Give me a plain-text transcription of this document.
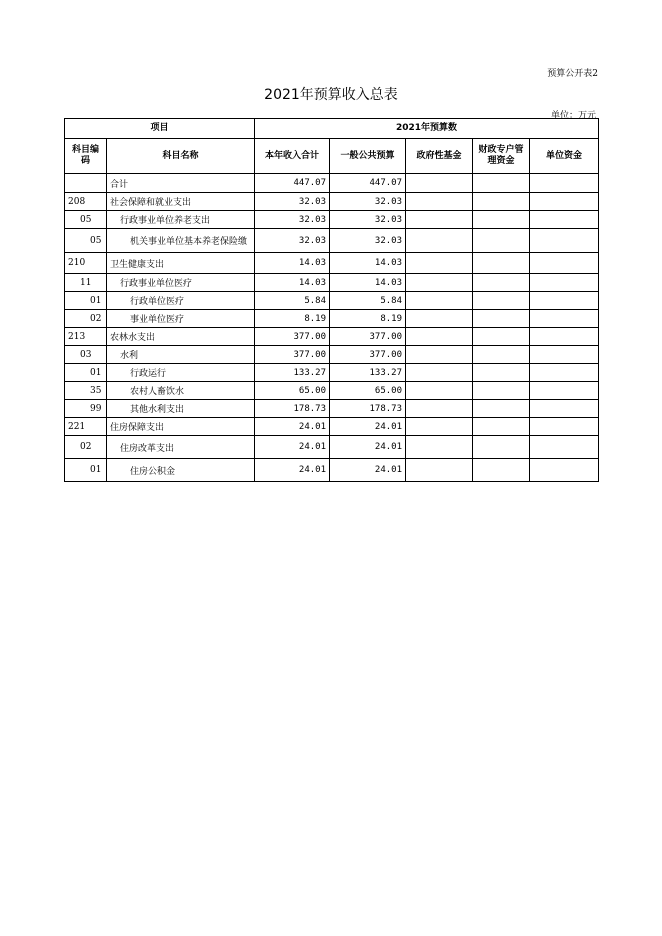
预算公开表2
2021年预算收入总表
单位：万元
项目		2021年预算数				
科目编码	科目名称	本年收入合计	一般公共预算	政府性基金	财政专户管理资金	单位资金
	合计	447.07	447.07			
208	社会保障和就业支出	32.03	32.03			
05	行政事业单位养老支出	32.03	32.03			
05	机关事业单位基本养老保险缴	32.03	32.03			
210	卫生健康支出	14.03	14.03			
11	行政事业单位医疗	14.03	14.03			
01	行政单位医疗	5.84	5.84			
02	事业单位医疗	8.19	8.19			
213	农林水支出	377.00	377.00			
03	水利	377.00	377.00			
01	行政运行	133.27	133.27			
35	农村人畜饮水	65.00	65.00			
99	其他水利支出	178.73	178.73			
221	住房保障支出	24.01	24.01			
02	住房改革支出	24.01	24.01			
01	住房公积金	24.01	24.01			
